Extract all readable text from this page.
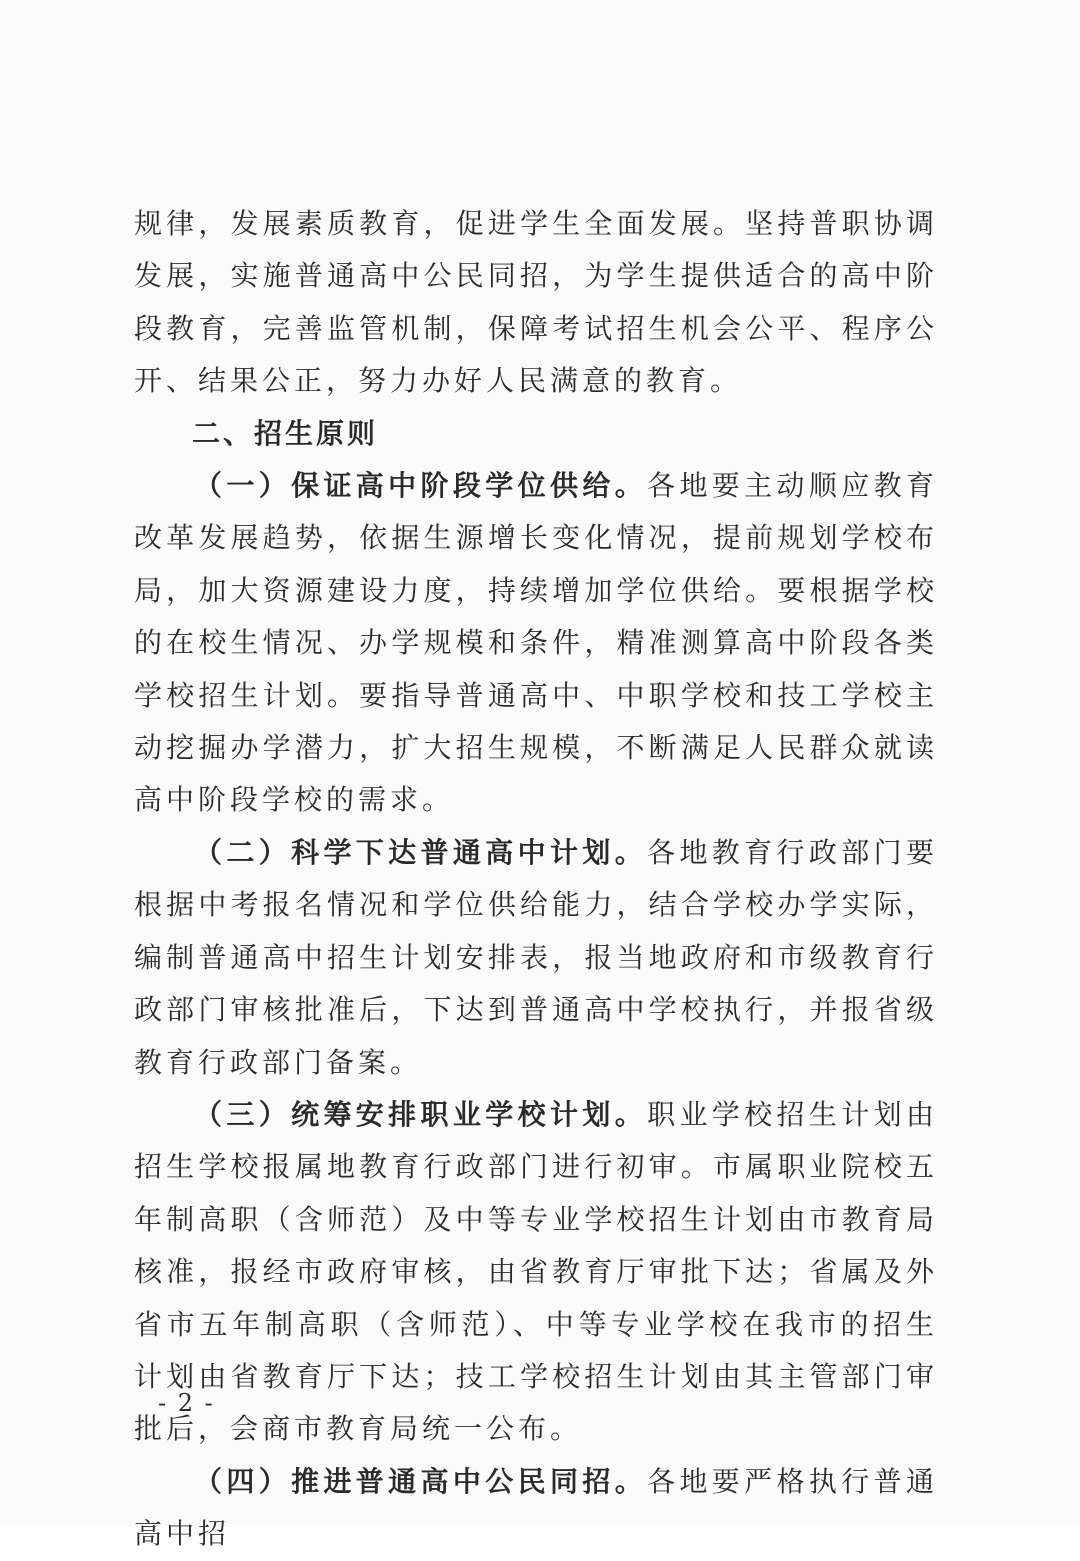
规律，发展素质教育，促进学生全面发展。坚持普职协调发展，实施普通高中公民同招，为学生提供适合的高中阶段教育，完善监管机制，保障考试招生机会公平、程序公开、结果公正，努力办好人民满意的教育。

二、招生原则

（一）保证高中阶段学位供给。各地要主动顺应教育改革发展趋势，依据生源增长变化情况，提前规划学校布局，加大资源建设力度，持续增加学位供给。要根据学校的在校生情况、办学规模和条件，精准测算高中阶段各类学校招生计划。要指导普通高中、中职学校和技工学校主动挖掘办学潜力，扩大招生规模，不断满足人民群众就读高中阶段学校的需求。

（二）科学下达普通高中计划。各地教育行政部门要根据中考报名情况和学位供给能力，结合学校办学实际，编制普通高中招生计划安排表，报当地政府和市级教育行政部门审核批准后，下达到普通高中学校执行，并报省级教育行政部门备案。

（三）统筹安排职业学校计划。职业学校招生计划由招生学校报属地教育行政部门进行初审。市属职业院校五年制高职（含师范）及中等专业学校招生计划由市教育局核准，报经市政府审核，由省教育厅审批下达；省属及外省市五年制高职（含师范）、中等专业学校在我市的招生计划由省教育厅下达；技工学校招生计划由其主管部门审批后，会商市教育局统一公布。

（四）推进普通高中公民同招。各地要严格执行普通高中招

- 2 -
